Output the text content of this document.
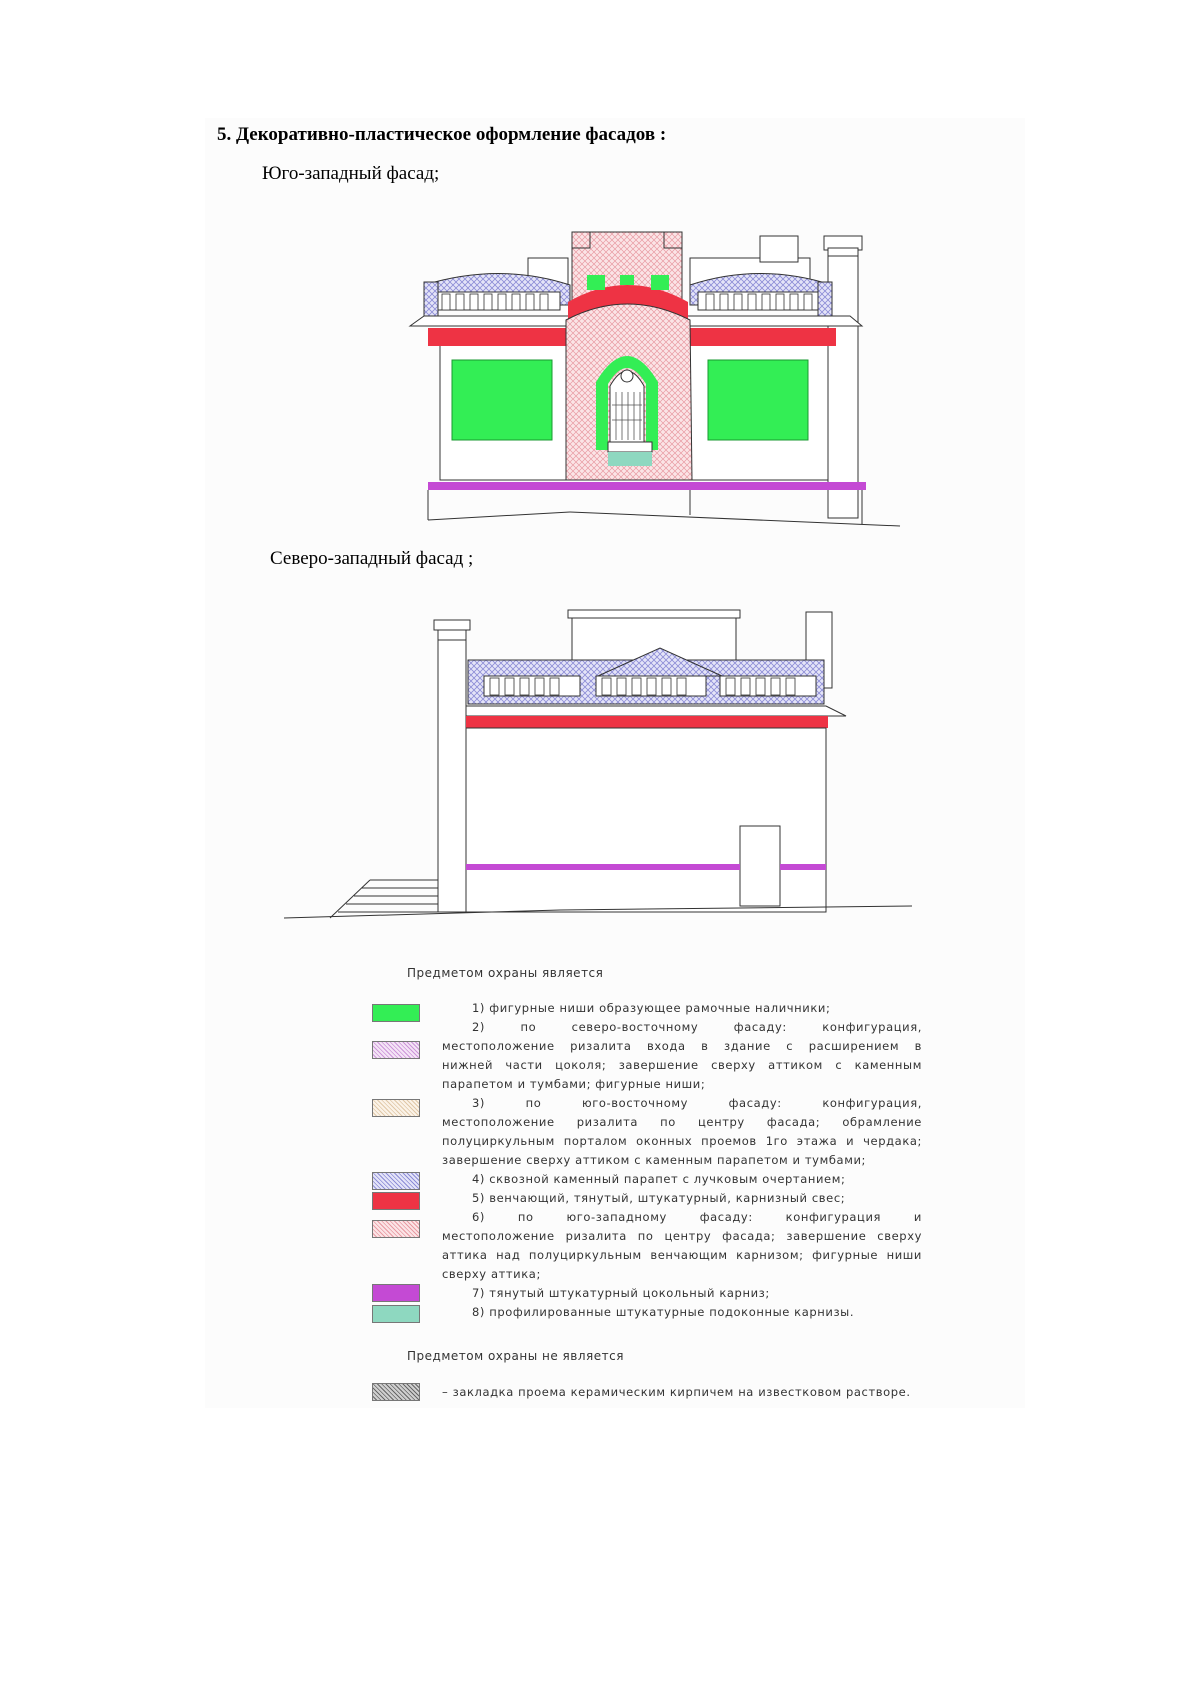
5. Декоративно-пластическое оформление фасадов :
Юго-западный фасад;
Северо-западный фасад ;
Предметом охраны является
1) фигурные ниши образующее рамочные наличники;
2) по северо-восточному фасаду: конфигурация,
местоположение ризалита входа в здание с расширением в
нижней части цоколя; завершение сверху аттиком с каменным
парапетом и тумбами; фигурные ниши;
3) по юго-восточному фасаду: конфигурация,
местоположение ризалита по центру фасада; обрамление
полуциркульным порталом оконных проемов 1го этажа и чердака;
завершение сверху аттиком с каменным парапетом и тумбами;
4) сквозной каменный парапет с лучковым очертанием;
5) венчающий, тянутый, штукатурный, карнизный свес;
6) по юго-западному фасаду: конфигурация и
местоположение ризалита по центру фасада; завершение сверху
аттика над полуциркульным венчающим карнизом; фигурные ниши
сверху аттика;
7) тянутый штукатурный цокольный карниз;
8) профилированные штукатурные подоконные карнизы.
Предметом охраны не является
– закладка проема керамическим кирпичем на известковом растворе.
